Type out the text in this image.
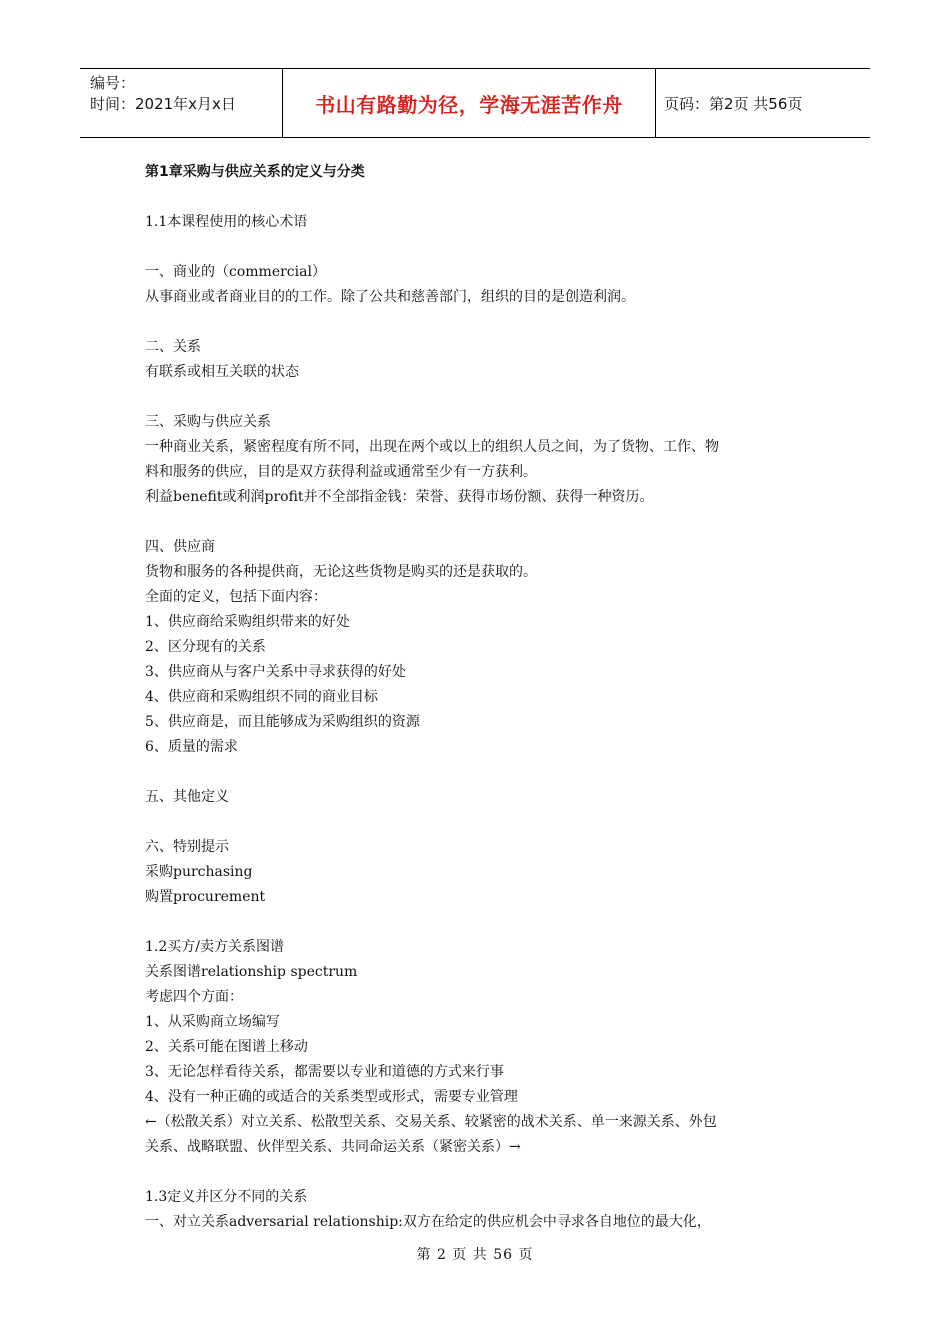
编号：
时间：2021年x月x日	书山有路勤为径，学海无涯苦作舟	页码：第2页 共56页
第1章采购与供应关系的定义与分类
1.1本课程使用的核心术语
一、商业的（commercial）
从事商业或者商业目的的工作。除了公共和慈善部门，组织的目的是创造利润。
二、关系
有联系或相互关联的状态
三、采购与供应关系
一种商业关系，紧密程度有所不同，出现在两个或以上的组织人员之间，为了货物、工作、物
料和服务的供应，目的是双方获得利益或通常至少有一方获利。
利益benefit或利润profit并不全部指金钱：荣誉、获得市场份额、获得一种资历。
四、供应商
货物和服务的各种提供商，无论这些货物是购买的还是获取的。
全面的定义，包括下面内容：
1、供应商给采购组织带来的好处
2、区分现有的关系
3、供应商从与客户关系中寻求获得的好处
4、供应商和采购组织不同的商业目标
5、供应商是，而且能够成为采购组织的资源
6、质量的需求
五、其他定义
六、特别提示
采购purchasing
购置procurement
1.2买方/卖方关系图谱
关系图谱relationship spectrum
考虑四个方面：
1、从采购商立场编写
2、关系可能在图谱上移动
3、无论怎样看待关系，都需要以专业和道德的方式来行事
4、没有一种正确的或适合的关系类型或形式，需要专业管理
←（松散关系）对立关系、松散型关系、交易关系、较紧密的战术关系、单一来源关系、外包
关系、战略联盟、伙伴型关系、共同命运关系（紧密关系）→
1.3定义并区分不同的关系
一、对立关系adversarial relationship:双方在给定的供应机会中寻求各自地位的最大化，
第 2 页 共 56 页
